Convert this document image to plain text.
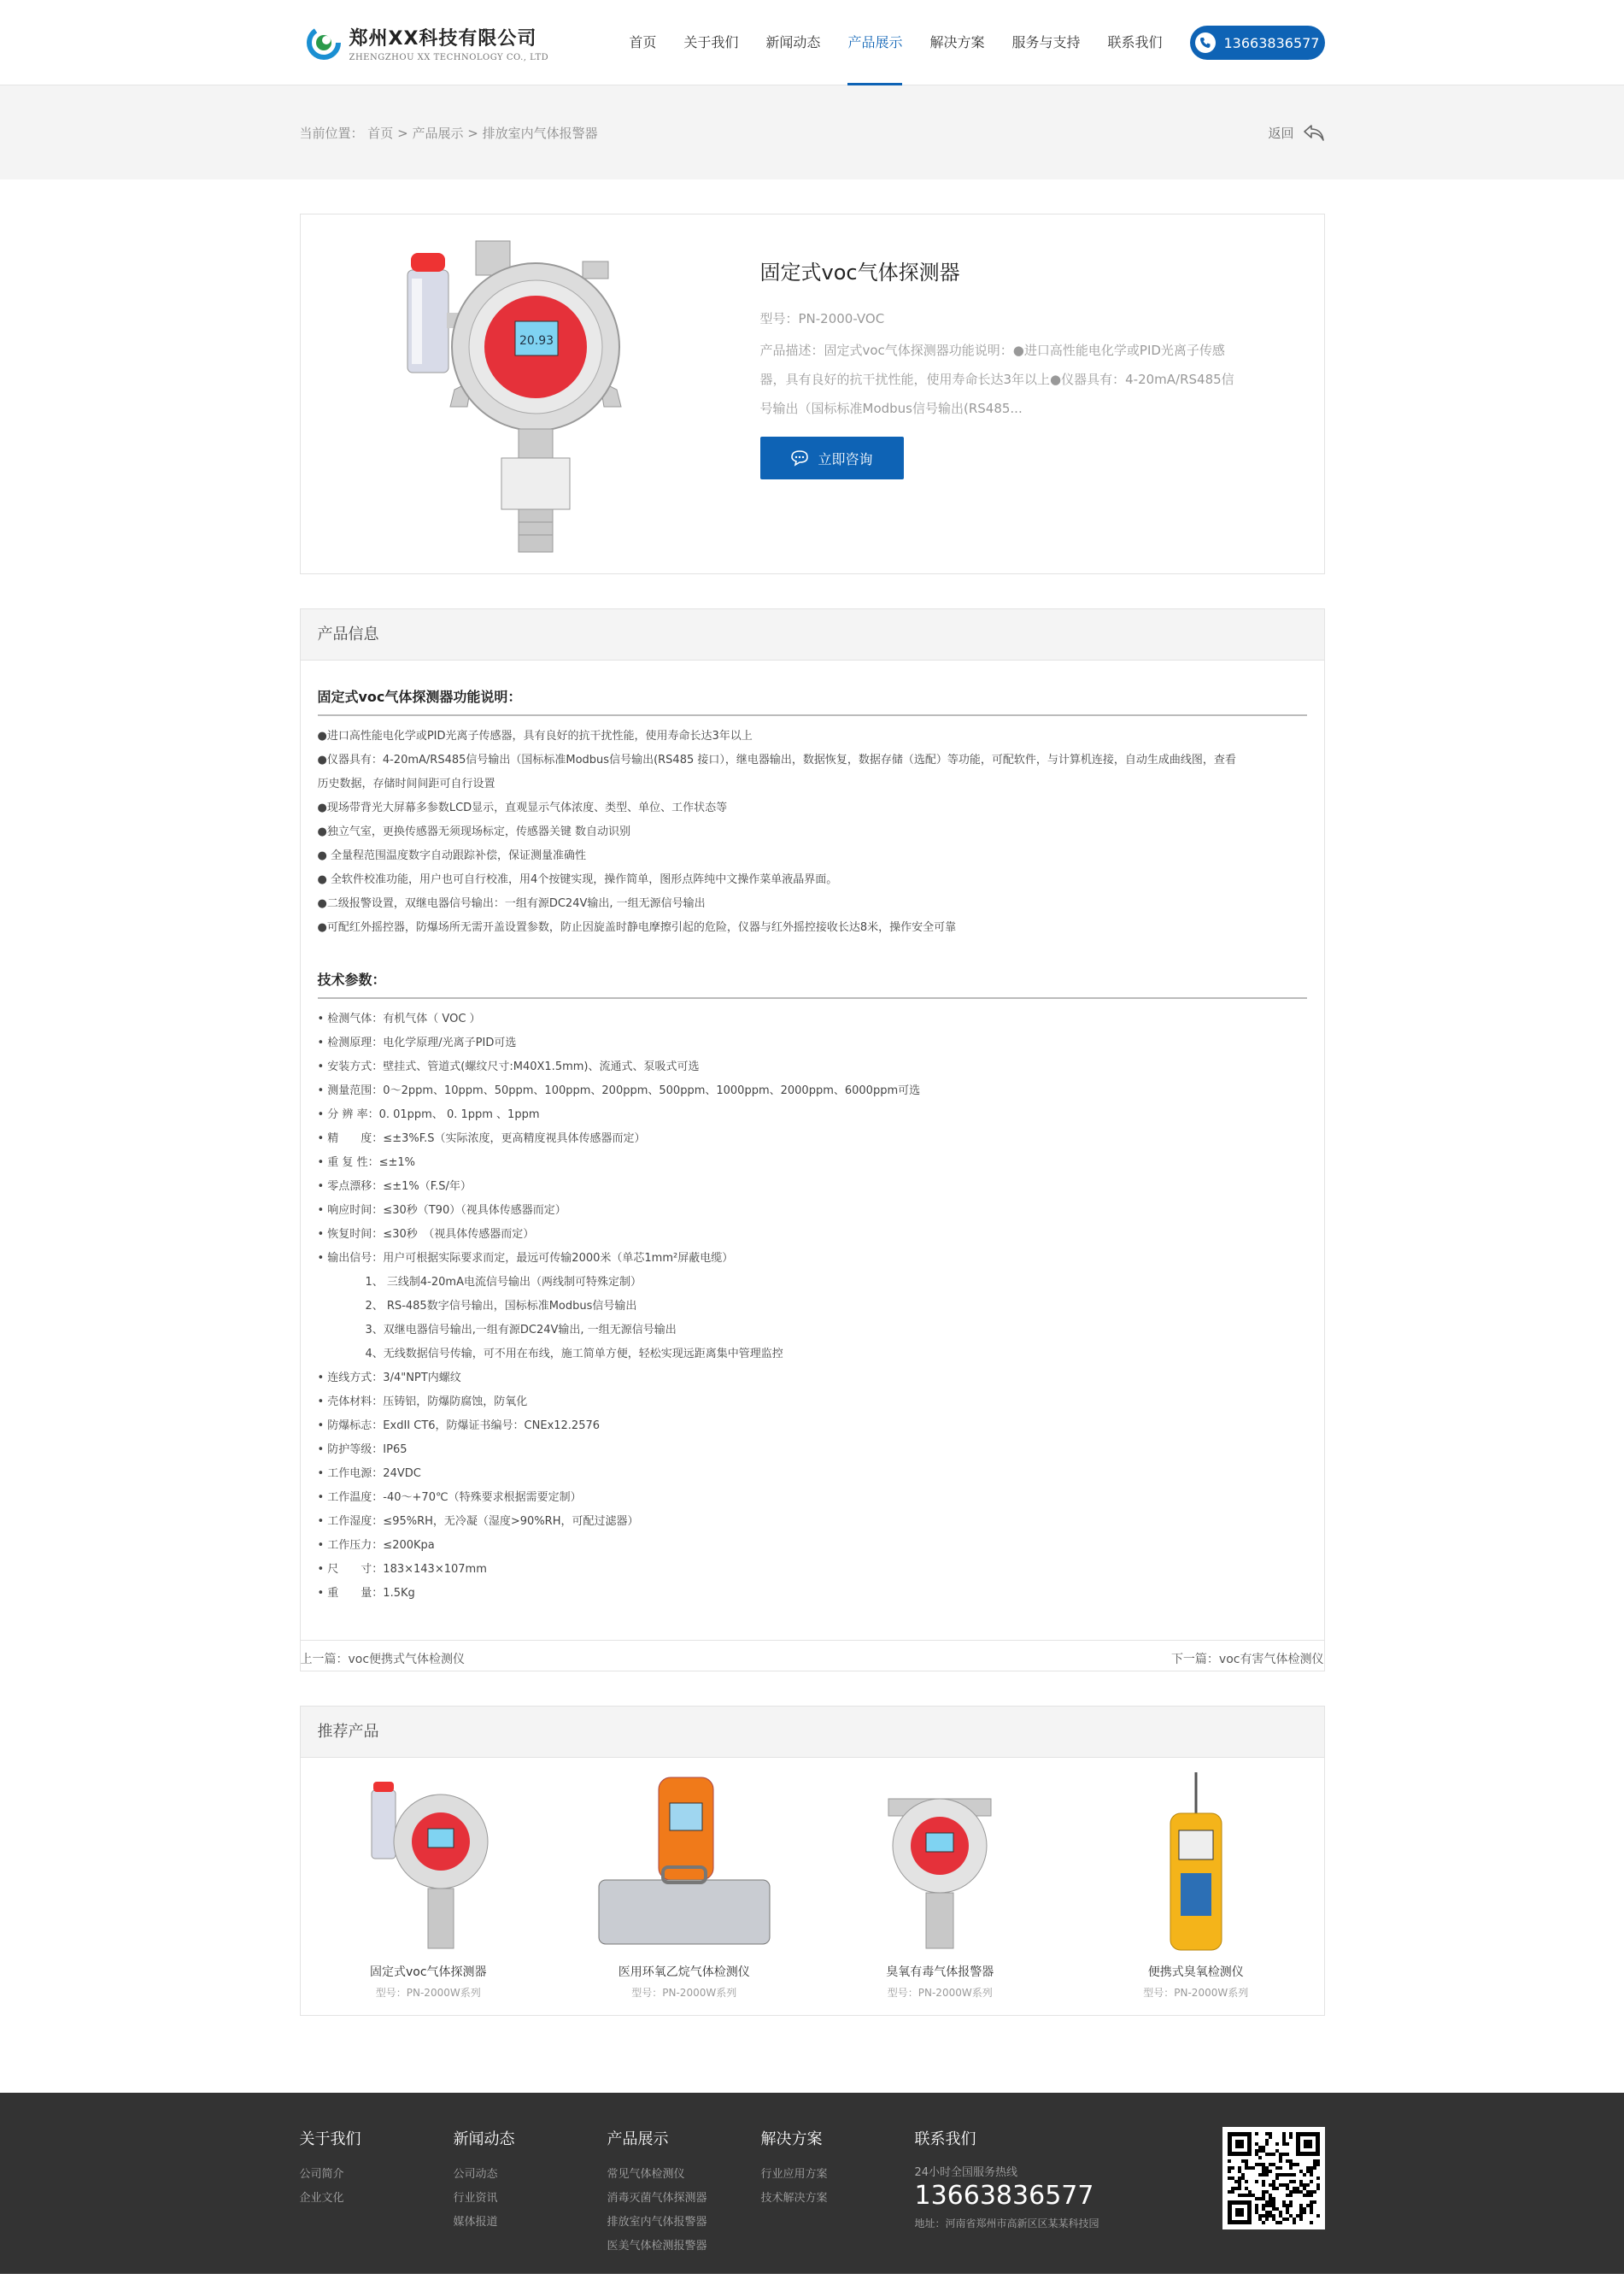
郑州XX科技有限公司
ZHENGZHOU XX TECHNOLOGY CO., LTD
首页	关于我们	新闻动态	产品展示	解决方案	服务与支持	联系我们	13663836577
当前位置： 首页 > 产品展示 > 排放室内气体报警器	返回
20.93
固定式voc气体探测器
型号：PN-2000-VOC
产品描述：固定式voc气体探测器功能说明：●进口高性能电化学或PID光离子传感
器，具有良好的抗干扰性能，使用寿命长达3年以上●仪器具有：4-20mA/RS485信
号输出（国标标准Modbus信号输出(RS485...
立即咨询
产品信息
固定式voc气体探测器功能说明：
●进口高性能电化学或PID光离子传感器，具有良好的抗干扰性能，使用寿命长达3年以上
●仪器具有：4-20mA/RS485信号输出（国标标准Modbus信号输出(RS485 接口），继电器输出，数据恢复，数据存储（选配）等功能，可配软件，与计算机连接，自动生成曲线图，查看
历史数据，存储时间间距可自行设置
●现场带背光大屏幕多参数LCD显示，直观显示气体浓度、类型、单位、工作状态等
●独立气室，更换传感器无须现场标定，传感器关键 数自动识别
● 全量程范围温度数字自动跟踪补偿，保证测量准确性
● 全软件校准功能，用户也可自行校准，用4个按键实现，操作简单，图形点阵纯中文操作菜单液晶界面。
●二级报警设置，双继电器信号输出：一组有源DC24V输出, 一组无源信号输出
●可配红外摇控器，防爆场所无需开盖设置参数，防止因旋盖时静电摩擦引起的危险，仪器与红外摇控接收长达8米，操作安全可靠
技术参数：
• 检测气体：有机气体（ VOC ）
• 检测原理：电化学原理/光离子PID可选
• 安装方式：壁挂式、管道式(螺纹尺寸:M40X1.5mm)、流通式、泵吸式可选
• 测量范围：0～2ppm、10ppm、50ppm、100ppm、200ppm、500ppm、1000ppm、2000ppm、6000ppm可选
• 分 辨 率：0. 01ppm、 0. 1ppm 、1ppm
• 精　　度：≤±3%F.S（实际浓度，更高精度视具体传感器而定）
• 重 复 性：≤±1%
• 零点漂移：≤±1%（F.S/年）
• 响应时间：≤30秒（T90）（视具体传感器而定）
• 恢复时间：≤30秒　（视具体传感器而定）
• 输出信号：用户可根据实际要求而定，最远可传输2000米（单芯1mm²屏蔽电缆）
1、 三线制4-20mA电流信号输出（两线制可特殊定制）
2、 RS-485数字信号输出，国标标准Modbus信号输出
3、双继电器信号输出,一组有源DC24V输出, 一组无源信号输出
4、无线数据信号传输，可不用在布线，施工简单方便，轻松实现远距离集中管理监控
• 连线方式：3/4"NPT内螺纹
• 壳体材料：压铸铝，防爆防腐蚀，防氧化
• 防爆标志：ExdII CT6，防爆证书编号：CNEx12.2576
• 防护等级：IP65
• 工作电源：24VDC
• 工作温度：-40～+70℃（特殊要求根据需要定制）
• 工作湿度：≤95%RH，无冷凝（湿度>90%RH，可配过滤器）
• 工作压力：≤200Kpa
• 尺　　寸：183×143×107mm
• 重　　量：1.5Kg
上一篇：voc便携式气体检测仪	下一篇：voc有害气体检测仪
推荐产品
固定式voc气体探测器
型号：PN-2000W系列
医用环氧乙烷气体检测仪
型号：PN-2000W系列
臭氧有毒气体报警器
型号：PN-2000W系列
便携式臭氧检测仪
型号：PN-2000W系列
关于我们
公司简介
企业文化
新闻动态
公司动态
行业资讯
媒体报道
产品展示
常见气体检测仪
消毒灭菌气体探测器
排放室内气体报警器
医美气体检测报警器
解决方案
行业应用方案
技术解决方案
联系我们
24小时全国服务热线
13663836577
地址：河南省郑州市高新区区某某科技园
